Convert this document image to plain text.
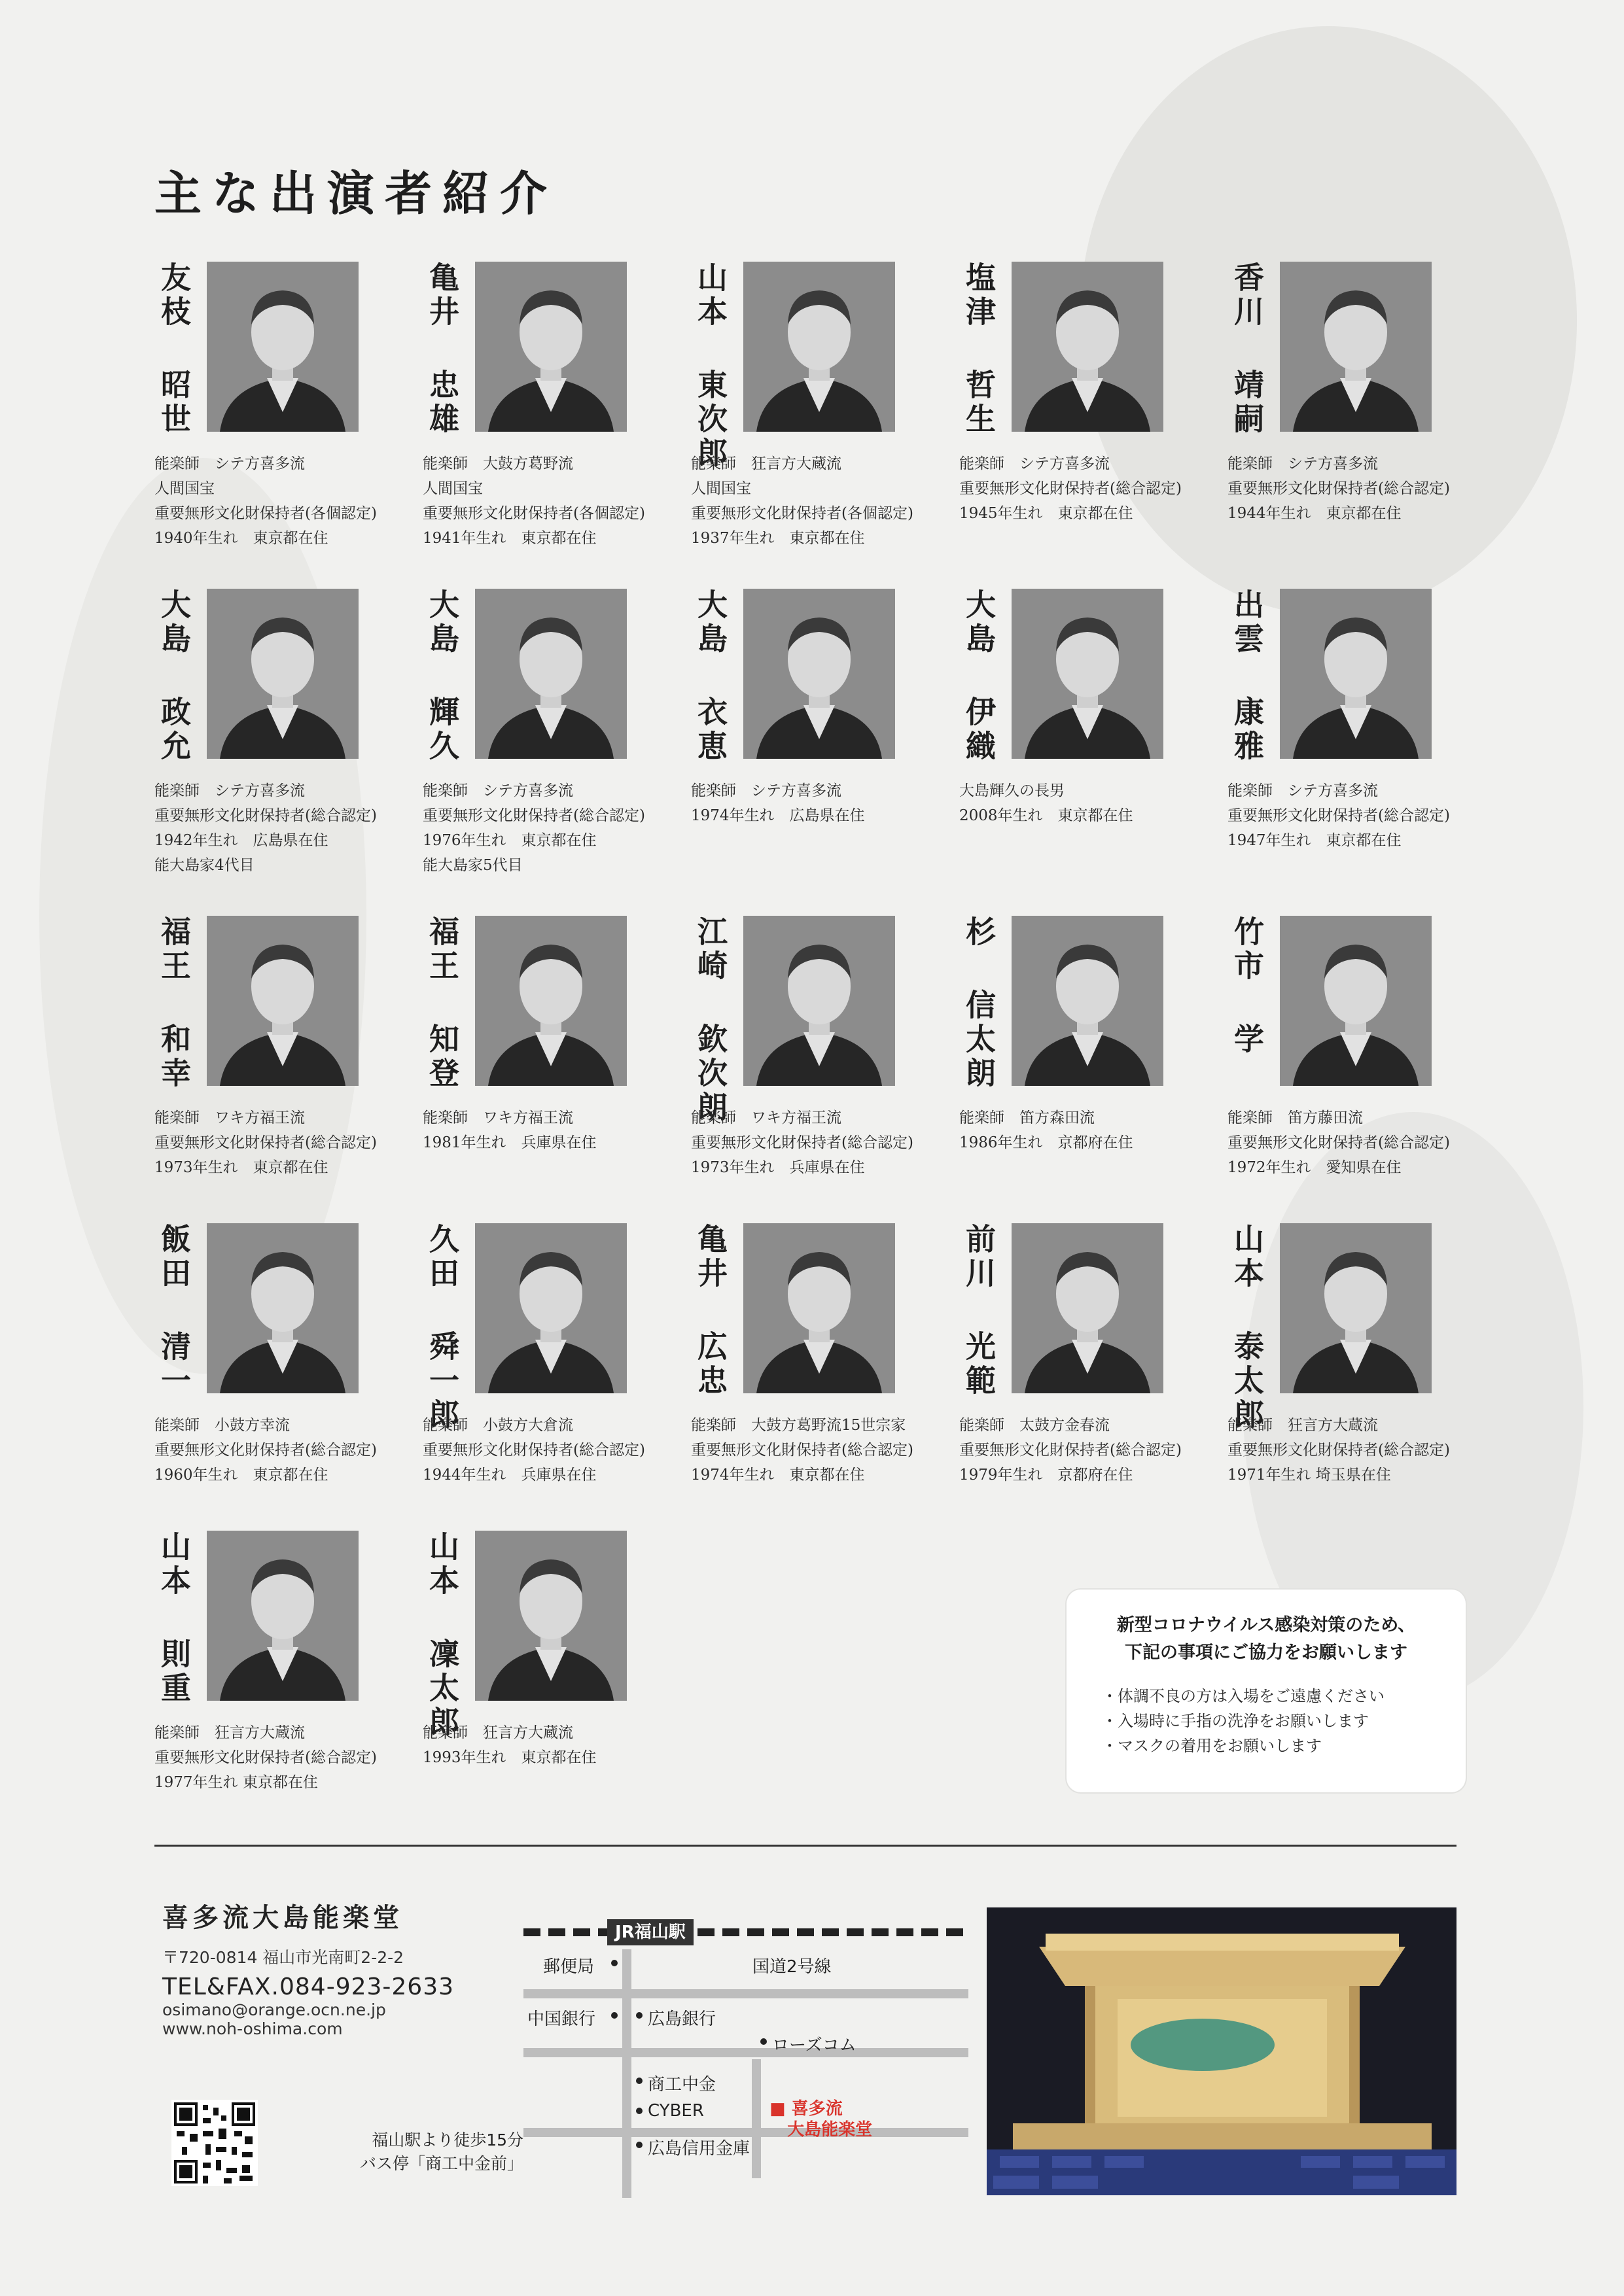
主な出演者紹介
友枝 昭世

能楽師　シテ方喜多流

人間国宝

重要無形文化財保持者(各個認定)

1940年生れ　東京都在住

亀井 忠雄

能楽師　大鼓方葛野流

人間国宝

重要無形文化財保持者(各個認定)

1941年生れ　東京都在住

山本 東次郎

能楽師　狂言方大蔵流

人間国宝

重要無形文化財保持者(各個認定)

1937年生れ　東京都在住

塩津 哲生

能楽師　シテ方喜多流

重要無形文化財保持者(総合認定)

1945年生れ　東京都在住

香川 靖嗣

能楽師　シテ方喜多流

重要無形文化財保持者(総合認定)

1944年生れ　東京都在住

大島 政允

能楽師　シテ方喜多流

重要無形文化財保持者(総合認定)

1942年生れ　広島県在住

能大島家4代目

大島 輝久

能楽師　シテ方喜多流

重要無形文化財保持者(総合認定)

1976年生れ　東京都在住

能大島家5代目

大島 衣恵

能楽師　シテ方喜多流

1974年生れ　広島県在住

大島 伊織

大島輝久の長男

2008年生れ　東京都在住

出雲 康雅

能楽師　シテ方喜多流

重要無形文化財保持者(総合認定)

1947年生れ　東京都在住

福王 和幸

能楽師　ワキ方福王流

重要無形文化財保持者(総合認定)

1973年生れ　東京都在住

福王 知登

能楽師　ワキ方福王流

1981年生れ　兵庫県在住

江崎 欽次朗

能楽師　ワキ方福王流

重要無形文化財保持者(総合認定)

1973年生れ　兵庫県在住

杉 信太朗

能楽師　笛方森田流

1986年生れ　京都府在住

竹市 学

能楽師　笛方藤田流

重要無形文化財保持者(総合認定)

1972年生れ　愛知県在住

飯田 清一

能楽師　小鼓方幸流

重要無形文化財保持者(総合認定)

1960年生れ　東京都在住

久田 舜一郎

能楽師　小鼓方大倉流

重要無形文化財保持者(総合認定)

1944年生れ　兵庫県在住

亀井 広忠

能楽師　大鼓方葛野流15世宗家

重要無形文化財保持者(総合認定)

1974年生れ　東京都在住

前川 光範

能楽師　太鼓方金春流

重要無形文化財保持者(総合認定)

1979年生れ　京都府在住

山本 泰太郎

能楽師　狂言方大蔵流

重要無形文化財保持者(総合認定)

1971年生れ 埼玉県在住

山本 則重

能楽師　狂言方大蔵流

重要無形文化財保持者(総合認定)

1977年生れ 東京都在住

山本 凜太郎

能楽師　狂言方大蔵流

1993年生れ　東京都在住

新型コロナウイルス感染対策のため、
下記の事項にご協力をお願いします

・体調不良の方は入場をご遠慮ください
・入場時に手指の洗浄をお願いします
・マスクの着用をお願いします

喜多流大島能楽堂

〒720-0814 福山市光南町2-2-2

TEL&FAX.084-923-2633

osimano@orange.ocn.ne.jp

www.noh-oshima.com

JR福山駅
郵便局	国道2号線
中国銀行	広島銀行
ローズコム
商工中金
CYBER
広島信用金庫
■ 喜多流
大島能楽堂

福山駅より徒歩15分

バス停「商工中金前」
